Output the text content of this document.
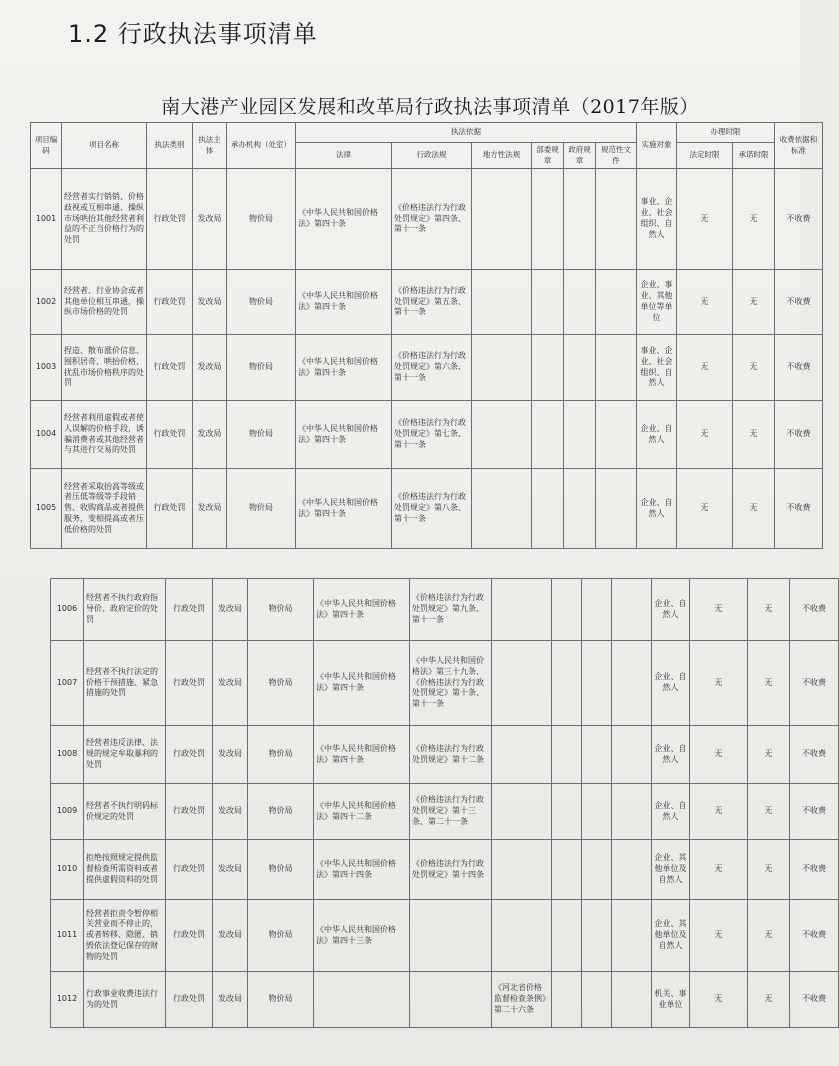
1.2 行政执法事项清单
南大港产业园区发展和改革局行政执法事项清单（2017年版）
项目编码	项目名称	执法类别	执法主体	承办机构（处室）	执法依据						实施对象	办理时限		收费依据和标准
					法律	行政法规	地方性法规	部委规章	政府规章	规范性文件		法定时限	承诺时限	
1001	经营者实行销销、价格歧视或互相串通、操纵市场哄抬其他经营者利益的不正当价格行为的处罚	行政处罚	发改局	物价局	《中华人民共和国价格法》第四十条	《价格违法行为行政处罚规定》第四条、第十一条					事业、企业、社会组织、自然人	无	无	不收费
1002	经营者、行业协会或者其他单位相互串通，操纵市场价格的处罚	行政处罚	发改局	物价局	《中华人民共和国价格法》第四十条	《价格违法行为行政处罚规定》第五条、第十一条					企业、事业、其他单位等单位	无	无	不收费
1003	捏造、散布涨价信息、囤积居奇、哄抬价格、扰乱市场价格秩序的处罚	行政处罚	发改局	物价局	《中华人民共和国价格法》第四十条	《价格违法行为行政处罚规定》第六条、第十一条					事业、企业、社会组织、自然人	无	无	不收费
1004	经营者利用虚假或者使人误解的价格手段，诱骗消费者或其他经营者与其进行交易的处罚	行政处罚	发改局	物价局	《中华人民共和国价格法》第四十条	《价格违法行为行政处罚规定》第七条、第十一条					企业、自然人	无	无	不收费
1005	经营者采取抬高等级或者压低等级等手段销售、收购商品或者提供服务，变相提高或者压低价格的处罚	行政处罚	发改局	物价局	《中华人民共和国价格法》第四十条	《价格违法行为行政处罚规定》第八条、第十一条					企业、自然人	无	无	不收费
1006	经营者不执行政府指导价、政府定价的处罚	行政处罚	发改局	物价局	《中华人民共和国价格法》第四十条	《价格违法行为行政处罚规定》第九条、第十一条					企业、自然人	无	无	不收费
1007	经营者不执行法定的价格干预措施、紧急措施的处罚	行政处罚	发改局	物价局	《中华人民共和国价格法》第四十条	《中华人民共和国价格法》第三十九条、《价格违法行为行政处罚规定》第十条、第十一条					企业、自然人	无	无	不收费
1008	经营者违反法律、法规的规定牟取暴利的处罚	行政处罚	发改局	物价局	《中华人民共和国价格法》第四十条	《价格违法行为行政处罚规定》第十二条					企业、自然人	无	无	不收费
1009	经营者不执行明码标价规定的处罚	行政处罚	发改局	物价局	《中华人民共和国价格法》第四十二条	《价格违法行为行政处罚规定》第十三条、第二十一条					企业、自然人	无	无	不收费
1010	拒绝按照规定提供监督检查所需资料或者提供虚假资料的处罚	行政处罚	发改局	物价局	《中华人民共和国价格法》第四十四条	《价格违法行为行政处罚规定》第十四条					企业、其他单位及自然人	无	无	不收费
1011	经营者拒责令暂停相关营业而不停止的，或者转移、隐匿、销毁依法登记保存的财物的处罚	行政处罚	发改局	物价局	《中华人民共和国价格法》第四十三条						企业、其他单位及自然人	无	无	不收费
1012	行政事业收费违法行为的处罚	行政处罚	发改局	物价局			《河北省价格监督检查条例》第二十六条				机关、事业单位	无	无	不收费
